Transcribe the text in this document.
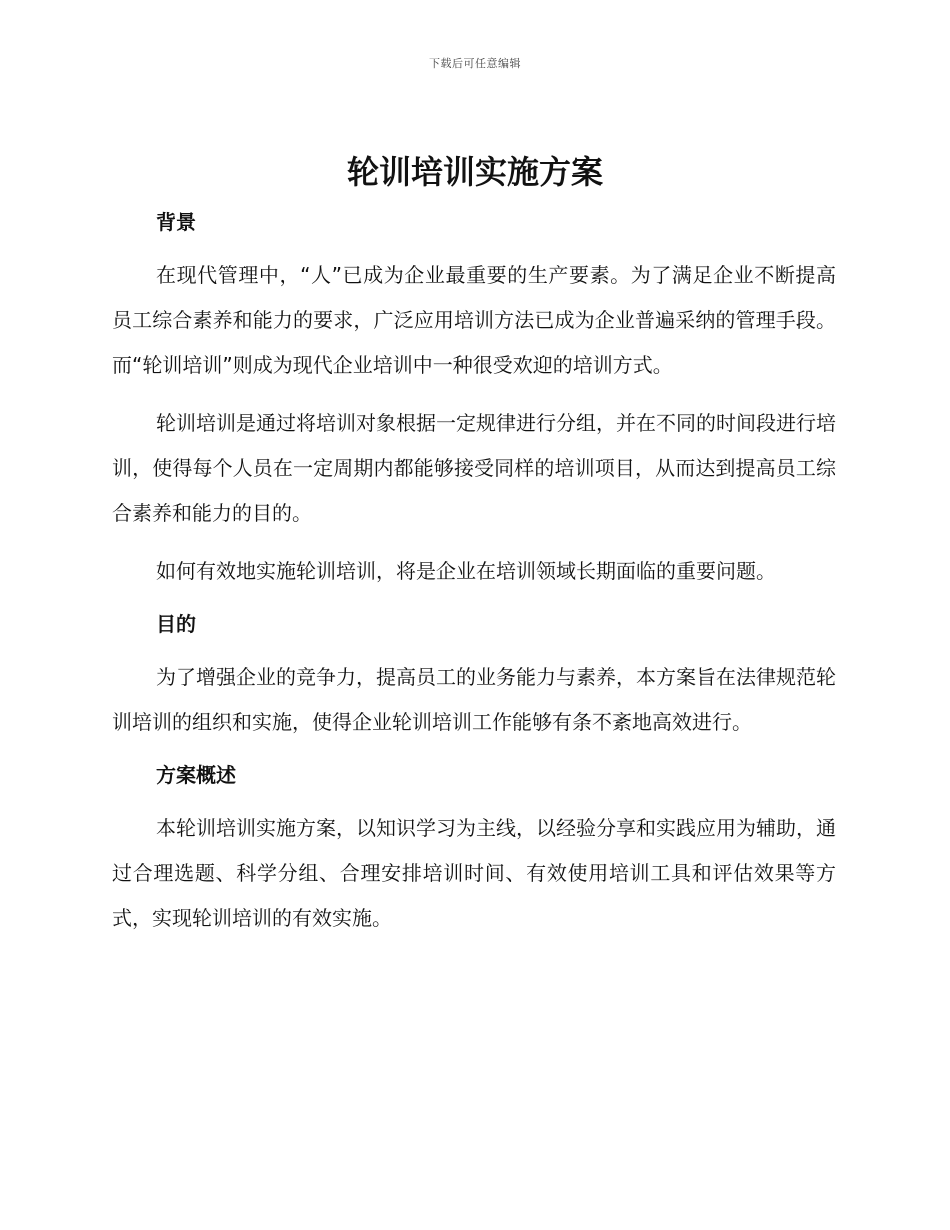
下载后可任意编辑
轮训培训实施方案
背景

在现代管理中，“人”已成为企业最重要的生产要素。为了满足企业不断提高员工综合素养和能力的要求，广泛应用培训方法已成为企业普遍采纳的管理手段。而“轮训培训”则成为现代企业培训中一种很受欢迎的培训方式。

轮训培训是通过将培训对象根据一定规律进行分组，并在不同的时间段进行培训，使得每个人员在一定周期内都能够接受同样的培训项目，从而达到提高员工综合素养和能力的目的。

如何有效地实施轮训培训，将是企业在培训领域长期面临的重要问题。

目的

为了增强企业的竞争力，提高员工的业务能力与素养，本方案旨在法律规范轮训培训的组织和实施，使得企业轮训培训工作能够有条不紊地高效进行。

方案概述

本轮训培训实施方案，以知识学习为主线，以经验分享和实践应用为辅助，通过合理选题、科学分组、合理安排培训时间、有效使用培训工具和评估效果等方式，实现轮训培训的有效实施。
